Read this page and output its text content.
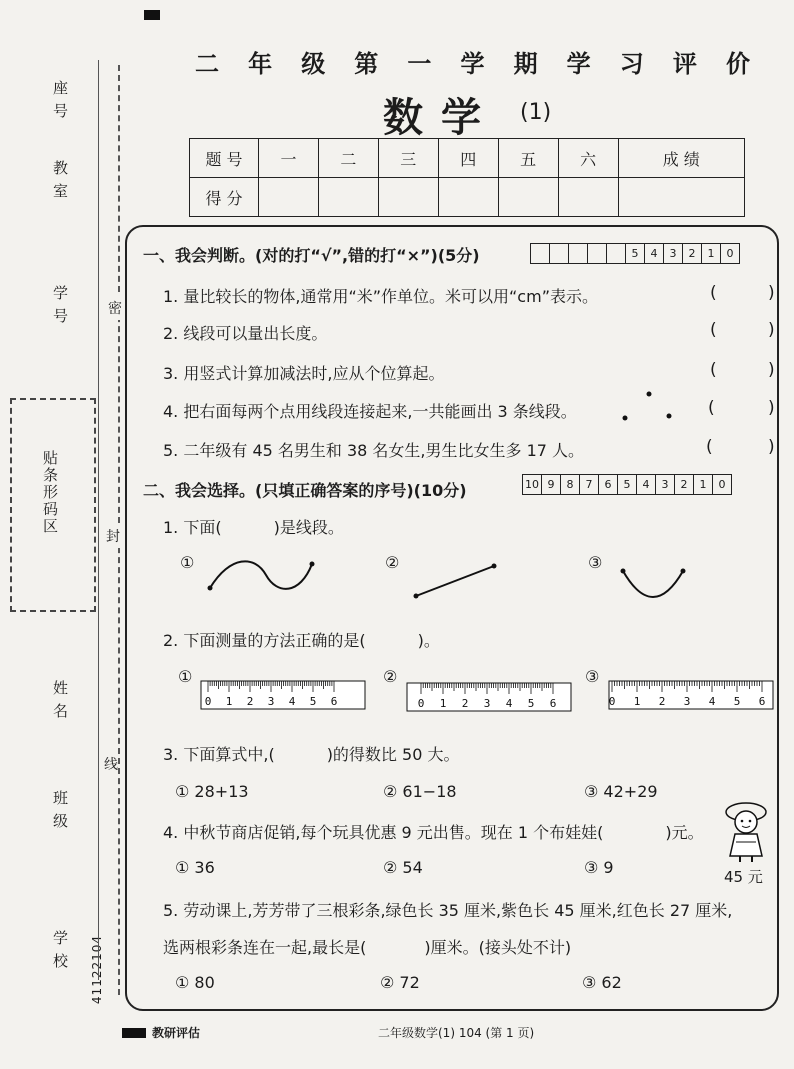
座号
教室
学号
贴条形码区
姓名
班级
学校 41122104
密
封
线
二 年 级 第 一 学 期 学 习 评 价
数学 (1)
题 号	一	二	三	四	五	六	成 绩
得 分							
一、我会判断。(对的打“√”,错的打“×”)(5分)	5	4	3	2	1	0
1. 量比较长的物体,通常用“米”作单位。米可以用“cm”表示。
2. 线段可以量出长度。
3. 用竖式计算加减法时,应从个位算起。
4. 把右面每两个点用线段连接起来,一共能画出 3 条线段。
5. 二年级有 45 名男生和 38 名女生,男生比女生多 17 人。
(	)
(	)
(	)
(	)
(	)
二、我会选择。(只填正确答案的序号)(10分)	10 9	8	7	6	5	4	3	2	1	0
1. 下面(	)是线段。
①	②	③
2. 下面测量的方法正确的是(	)。
①	②	③
0 1 2 3 4 5 6	0 1 2 3 4 5 6	0 1 2 3 4 5 6
3. 下面算式中,(	)的得数比 50 大。
① 28+13	② 61−18	③ 42+29
4. 中秋节商店促销,每个玩具优惠 9 元出售。现在 1 个布娃娃(	)元。
① 36	② 54	③ 9	45 元
5. 劳动课上,芳芳带了三根彩条,绿色长 35 厘米,紫色长 45 厘米,红色长 27 厘米,
选两根彩条连在一起,最长是(	)厘米。(接头处不计)
① 80	② 72	③ 62
教研评估	二年级数学(1) 104 (第 1 页)
